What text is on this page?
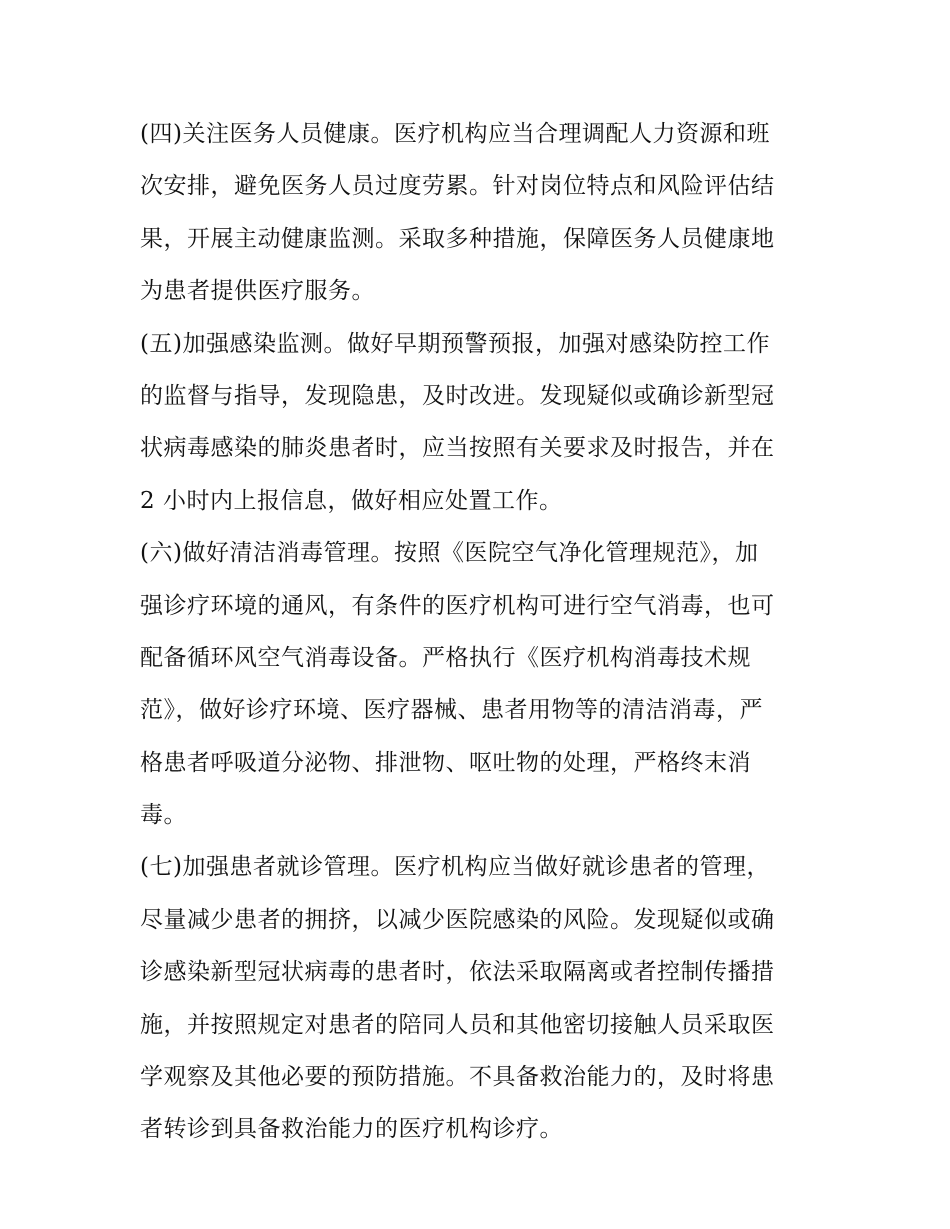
(四)关注医务人员健康。医疗机构应当合理调配人力资源和班
次安排，避免医务人员过度劳累。针对岗位特点和风险评估结
果，开展主动健康监测。采取多种措施，保障医务人员健康地
为患者提供医疗服务。
(五)加强感染监测。做好早期预警预报，加强对感染防控工作
的监督与指导，发现隐患，及时改进。发现疑似或确诊新型冠
状病毒感染的肺炎患者时，应当按照有关要求及时报告，并在
2 小时内上报信息，做好相应处置工作。
(六)做好清洁消毒管理。按照《医院空气净化管理规范》，加
强诊疗环境的通风，有条件的医疗机构可进行空气消毒，也可
配备循环风空气消毒设备。严格执行《医疗机构消毒技术规
范》，做好诊疗环境、医疗器械、患者用物等的清洁消毒，严
格患者呼吸道分泌物、排泄物、呕吐物的处理，严格终末消
毒。
(七)加强患者就诊管理。医疗机构应当做好就诊患者的管理，
尽量减少患者的拥挤，以减少医院感染的风险。发现疑似或确
诊感染新型冠状病毒的患者时，依法采取隔离或者控制传播措
施，并按照规定对患者的陪同人员和其他密切接触人员采取医
学观察及其他必要的预防措施。不具备救治能力的，及时将患
者转诊到具备救治能力的医疗机构诊疗。
